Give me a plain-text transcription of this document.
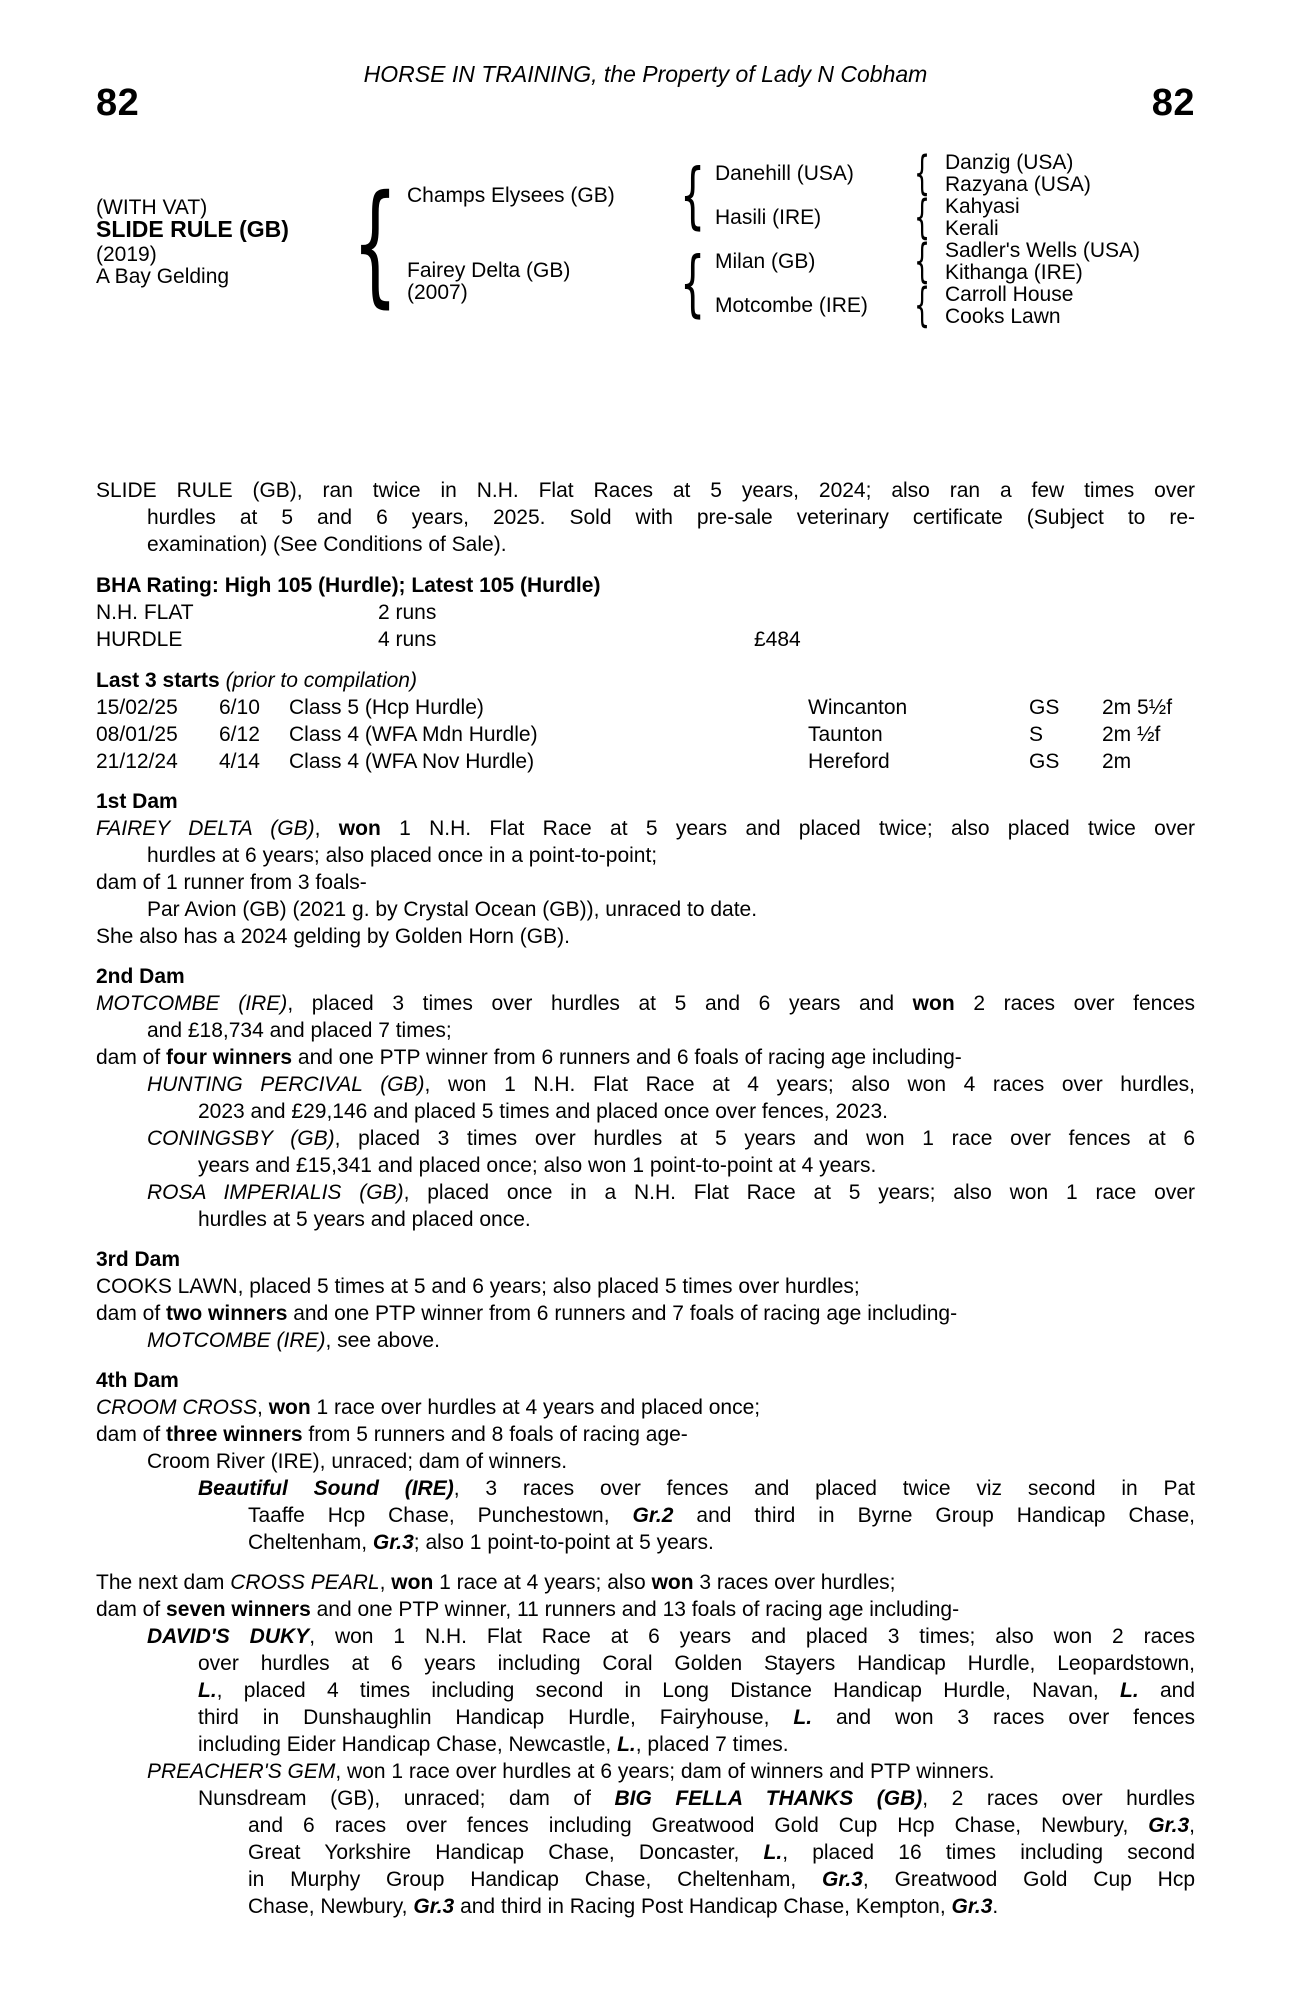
HORSE IN TRAINING, the Property of Lady N Cobham
82	82
(WITH VAT)
SLIDE RULE (GB)
(2019)
A Bay Gelding { Champs Elysees (GB)
Fairey Delta (GB)
(2007)
{
{
Danehill (USA)
Hasili (IRE)
Milan (GB)
Motcombe (IRE)
{
{
{
{
Danzig (USA)
Razyana (USA)
Kahyasi
Kerali
Sadler's Wells (USA)
Kithanga (IRE)
Carroll House
Cooks Lawn
SLIDE RULE (GB), ran twice in N.H. Flat Races at 5 years, 2024; also ran a few times over
hurdles at 5 and 6 years, 2025. Sold with pre-sale veterinary certificate (Subject to re-
examination) (See Conditions of Sale).
BHA Rating: High 105 (Hurdle); Latest 105 (Hurdle)
N.H. FLAT	2 runs
HURDLE	4 runs	£484
Last 3 starts (prior to compilation)
15/02/25	6/10	Class 5 (Hcp Hurdle)	Wincanton	GS	2m 5½f
08/01/25	6/12	Class 4 (WFA Mdn Hurdle)	Taunton	S	2m ½f
21/12/24	4/14	Class 4 (WFA Nov Hurdle)	Hereford	GS	2m
1st Dam
FAIREY DELTA (GB), won 1 N.H. Flat Race at 5 years and placed twice; also placed twice over
hurdles at 6 years; also placed once in a point-to-point;
dam of 1 runner from 3 foals-
Par Avion (GB) (2021 g. by Crystal Ocean (GB)), unraced to date.
She also has a 2024 gelding by Golden Horn (GB).
2nd Dam
MOTCOMBE (IRE), placed 3 times over hurdles at 5 and 6 years and won 2 races over fences
and £18,734 and placed 7 times;
dam of four winners and one PTP winner from 6 runners and 6 foals of racing age including-
HUNTING PERCIVAL (GB), won 1 N.H. Flat Race at 4 years; also won 4 races over hurdles,
2023 and £29,146 and placed 5 times and placed once over fences, 2023.
CONINGSBY (GB), placed 3 times over hurdles at 5 years and won 1 race over fences at 6
years and £15,341 and placed once; also won 1 point-to-point at 4 years.
ROSA IMPERIALIS (GB), placed once in a N.H. Flat Race at 5 years; also won 1 race over
hurdles at 5 years and placed once.
3rd Dam
COOKS LAWN, placed 5 times at 5 and 6 years; also placed 5 times over hurdles;
dam of two winners and one PTP winner from 6 runners and 7 foals of racing age including-
MOTCOMBE (IRE), see above.
4th Dam
CROOM CROSS, won 1 race over hurdles at 4 years and placed once;
dam of three winners from 5 runners and 8 foals of racing age-
Croom River (IRE), unraced; dam of winners.
Beautiful Sound (IRE), 3 races over fences and placed twice viz second in Pat
Taaffe Hcp Chase, Punchestown, Gr.2 and third in Byrne Group Handicap Chase,
Cheltenham, Gr.3; also 1 point-to-point at 5 years.
The next dam CROSS PEARL, won 1 race at 4 years; also won 3 races over hurdles;
dam of seven winners and one PTP winner, 11 runners and 13 foals of racing age including-
DAVID'S DUKY, won 1 N.H. Flat Race at 6 years and placed 3 times; also won 2 races
over hurdles at 6 years including Coral Golden Stayers Handicap Hurdle, Leopardstown,
L., placed 4 times including second in Long Distance Handicap Hurdle, Navan, L. and
third in Dunshaughlin Handicap Hurdle, Fairyhouse, L. and won 3 races over fences
including Eider Handicap Chase, Newcastle, L., placed 7 times.
PREACHER'S GEM, won 1 race over hurdles at 6 years; dam of winners and PTP winners.
Nunsdream (GB), unraced; dam of BIG FELLA THANKS (GB), 2 races over hurdles
and 6 races over fences including Greatwood Gold Cup Hcp Chase, Newbury, Gr.3,
Great Yorkshire Handicap Chase, Doncaster, L., placed 16 times including second
in Murphy Group Handicap Chase, Cheltenham, Gr.3, Greatwood Gold Cup Hcp
Chase, Newbury, Gr.3 and third in Racing Post Handicap Chase, Kempton, Gr.3.
